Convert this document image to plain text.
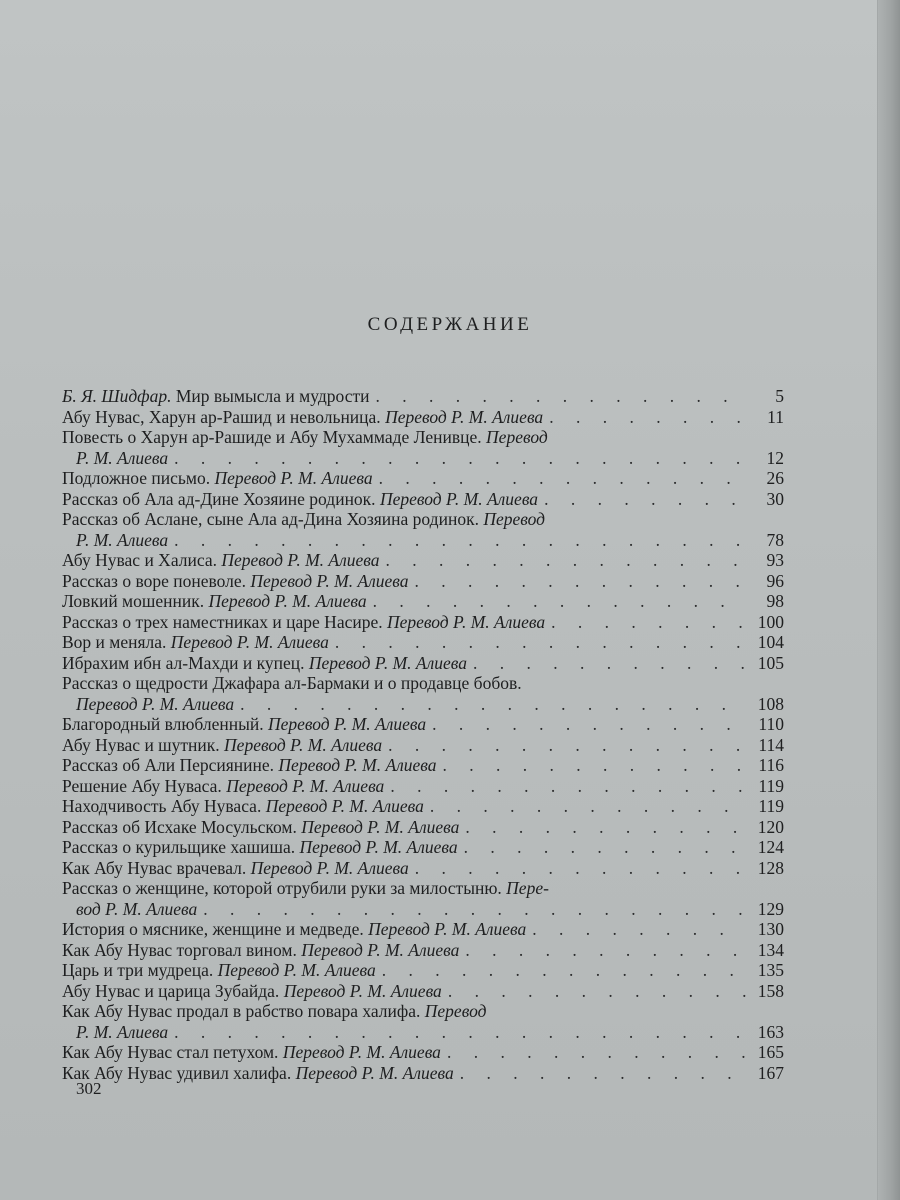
СОДЕРЖАНИЕ
Б. Я. Шидфар. Мир вымысла и мудрости . . .	5
Абу Нувас, Харун ар-Рашид и невольница. Перевод Р. М. Алиева . . .	11
Повесть о Харун ар-Рашиде и Абу Мухаммаде Ленивце. Перевод
Р. М. Алиева . . .	12
Подложное письмо. Перевод Р. М. Алиева . . .	26
Рассказ об Ала ад-Дине Хозяине родинок. Перевод Р. М. Алиева . . .	30
Рассказ об Аслане, сыне Ала ад-Дина Хозяина родинок. Перевод
Р. М. Алиева . . .	78
Абу Нувас и Халиса. Перевод Р. М. Алиева . . .	93
Рассказ о воре поневоле. Перевод Р. М. Алиева . . .	96
Ловкий мошенник. Перевод Р. М. Алиева . . .	98
Рассказ о трех наместниках и царе Насире. Перевод Р. М. Алиева . . .	100
Вор и меняла. Перевод Р. М. Алиева . . .	104
Ибрахим ибн ал-Махди и купец. Перевод Р. М. Алиева . . .	105
Рассказ о щедрости Джафара ал-Бармаки и о продавце бобов.
Перевод Р. М. Алиева . . .	108
Благородный влюбленный. Перевод Р. М. Алиева . . .	110
Абу Нувас и шутник. Перевод Р. М. Алиева . . .	114
Рассказ об Али Персиянине. Перевод Р. М. Алиева . . .	116
Решение Абу Нуваса. Перевод Р. М. Алиева . . .	119
Находчивость Абу Нуваса. Перевод Р. М. Алиева . . .	119
Рассказ об Исхаке Мосульском. Перевод Р. М. Алиева . . .	120
Рассказ о курильщике хашиша. Перевод Р. М. Алиева . . .	124
Как Абу Нувас врачевал. Перевод Р. М. Алиева . . .	128
Рассказ о женщине, которой отрубили руки за милостыню. Пере-
вод Р. М. Алиева . . .	129
История о мяснике, женщине и медведе. Перевод Р. М. Алиева . . .	130
Как Абу Нувас торговал вином. Перевод Р. М. Алиева . . .	134
Царь и три мудреца. Перевод Р. М. Алиева . . .	135
Абу Нувас и царица Зубайда. Перевод Р. М. Алиева . . .	158
Как Абу Нувас продал в рабство повара халифа. Перевод
Р. М. Алиева . . .	163
Как Абу Нувас стал петухом. Перевод Р. М. Алиева . . .	165
Как Абу Нувас удивил халифа. Перевод Р. М. Алиева . . .	167
302
